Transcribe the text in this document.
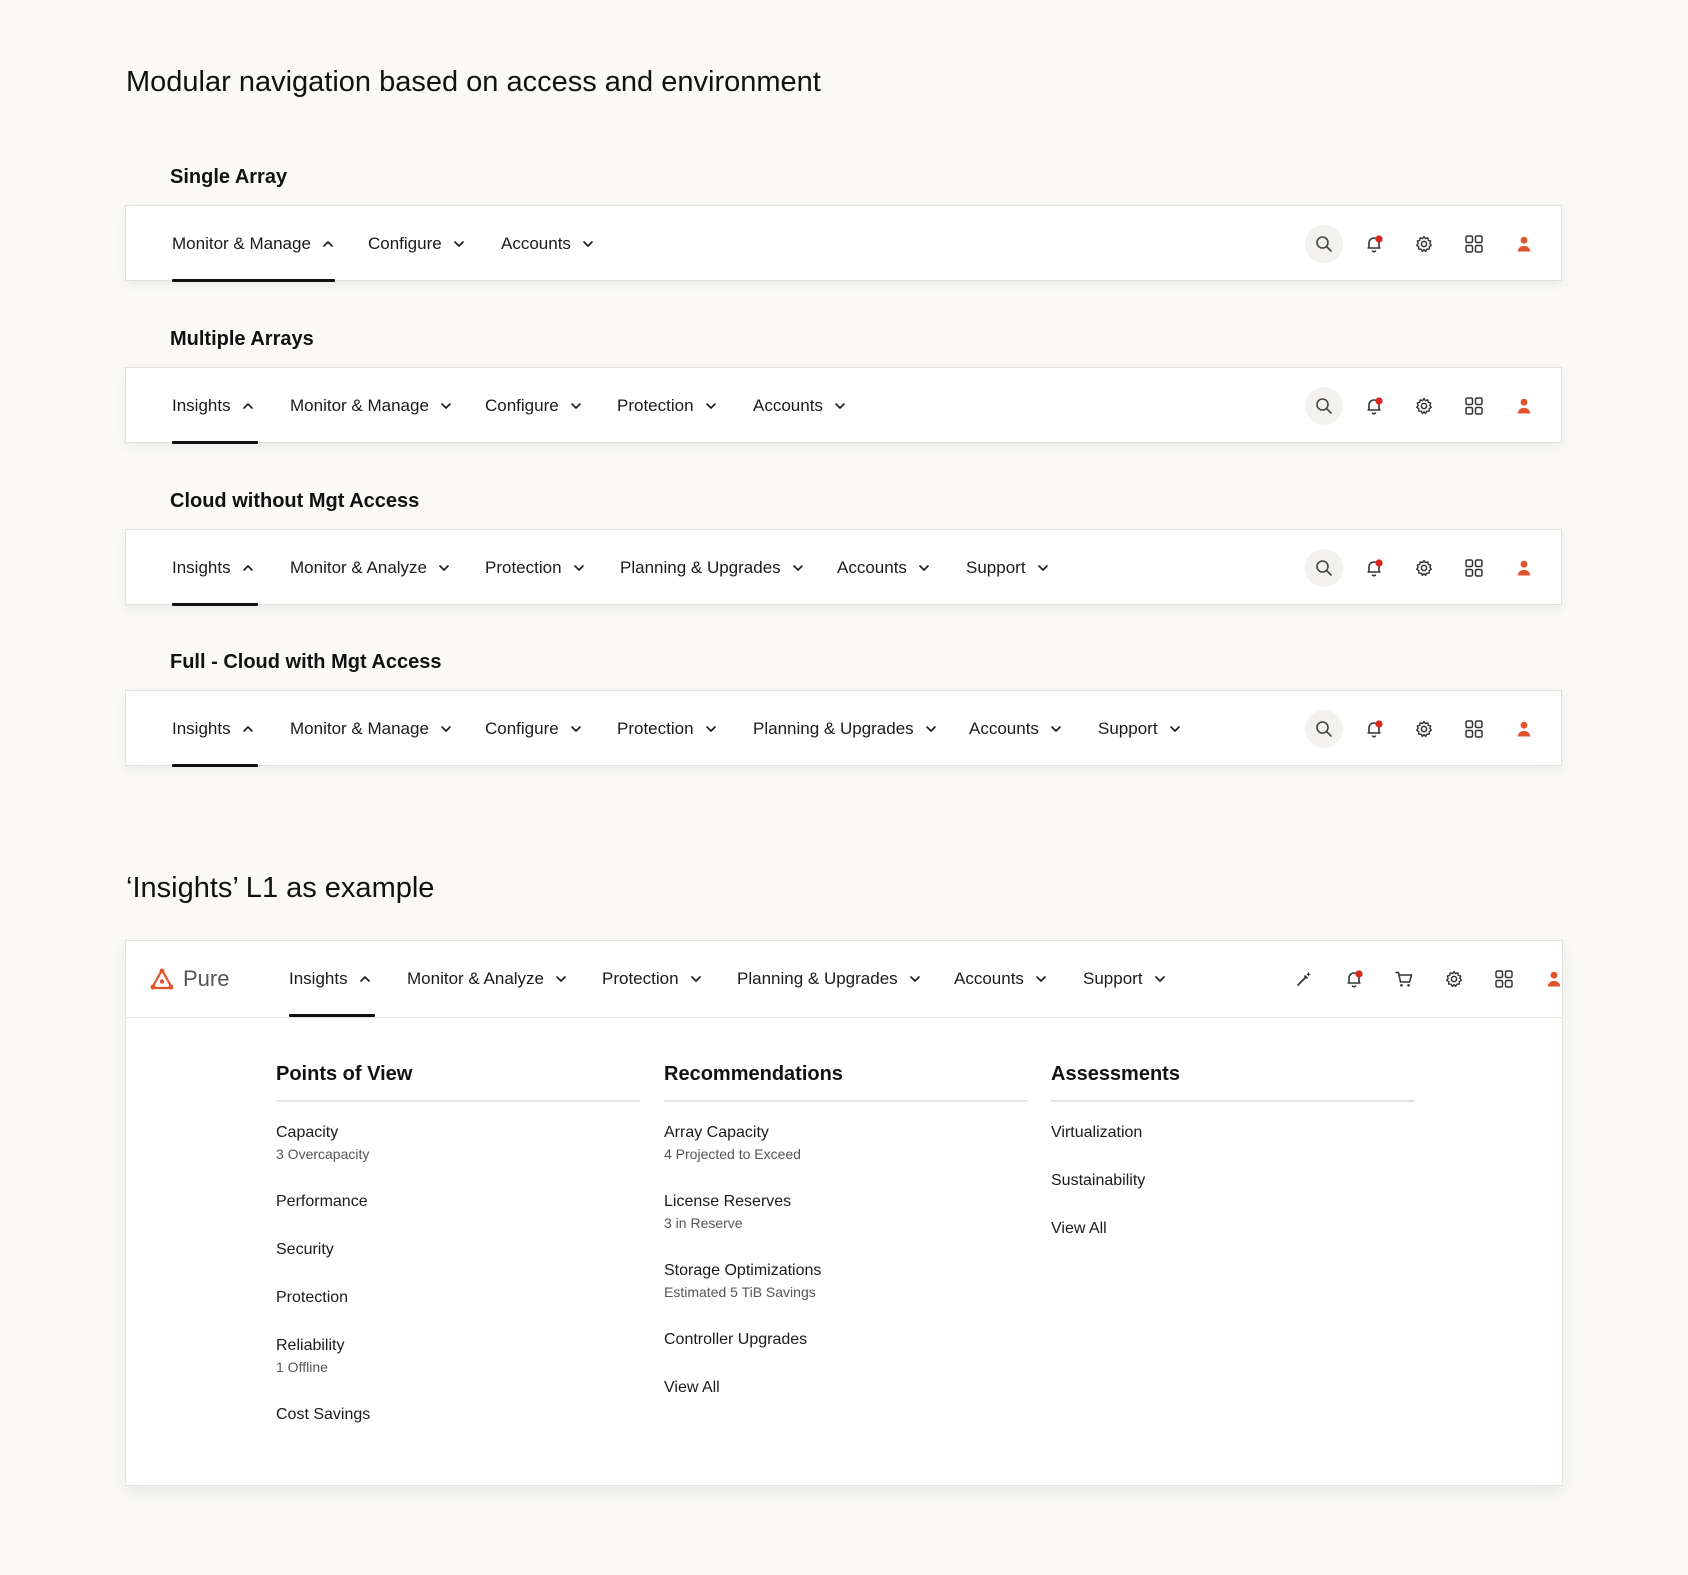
Modular navigation based on access and environment
Single Array
Monitor & Manage	Configure	Accounts
Multiple Arrays
Insights	Monitor & Manage	Configure	Protection	Accounts
Cloud without Mgt Access
Insights	Monitor & Analyze	Protection	Planning & Upgrades	Accounts	Support
Full - Cloud with Mgt Access
Insights	Monitor & Manage	Configure	Protection	Planning & Upgrades	Accounts	Support
‘Insights’ L1 as example
Pure	Insights	Monitor & Analyze	Protection	Planning & Upgrades	Accounts	Support
Points of View
Capacity
3 Overcapacity
Performance
Security
Protection
Reliability
1 Offline
Cost Savings
Recommendations
Array Capacity
4 Projected to Exceed
License Reserves
3 in Reserve
Storage Optimizations
Estimated 5 TiB Savings
Controller Upgrades
View All
Assessments
Virtualization
Sustainability
View All
